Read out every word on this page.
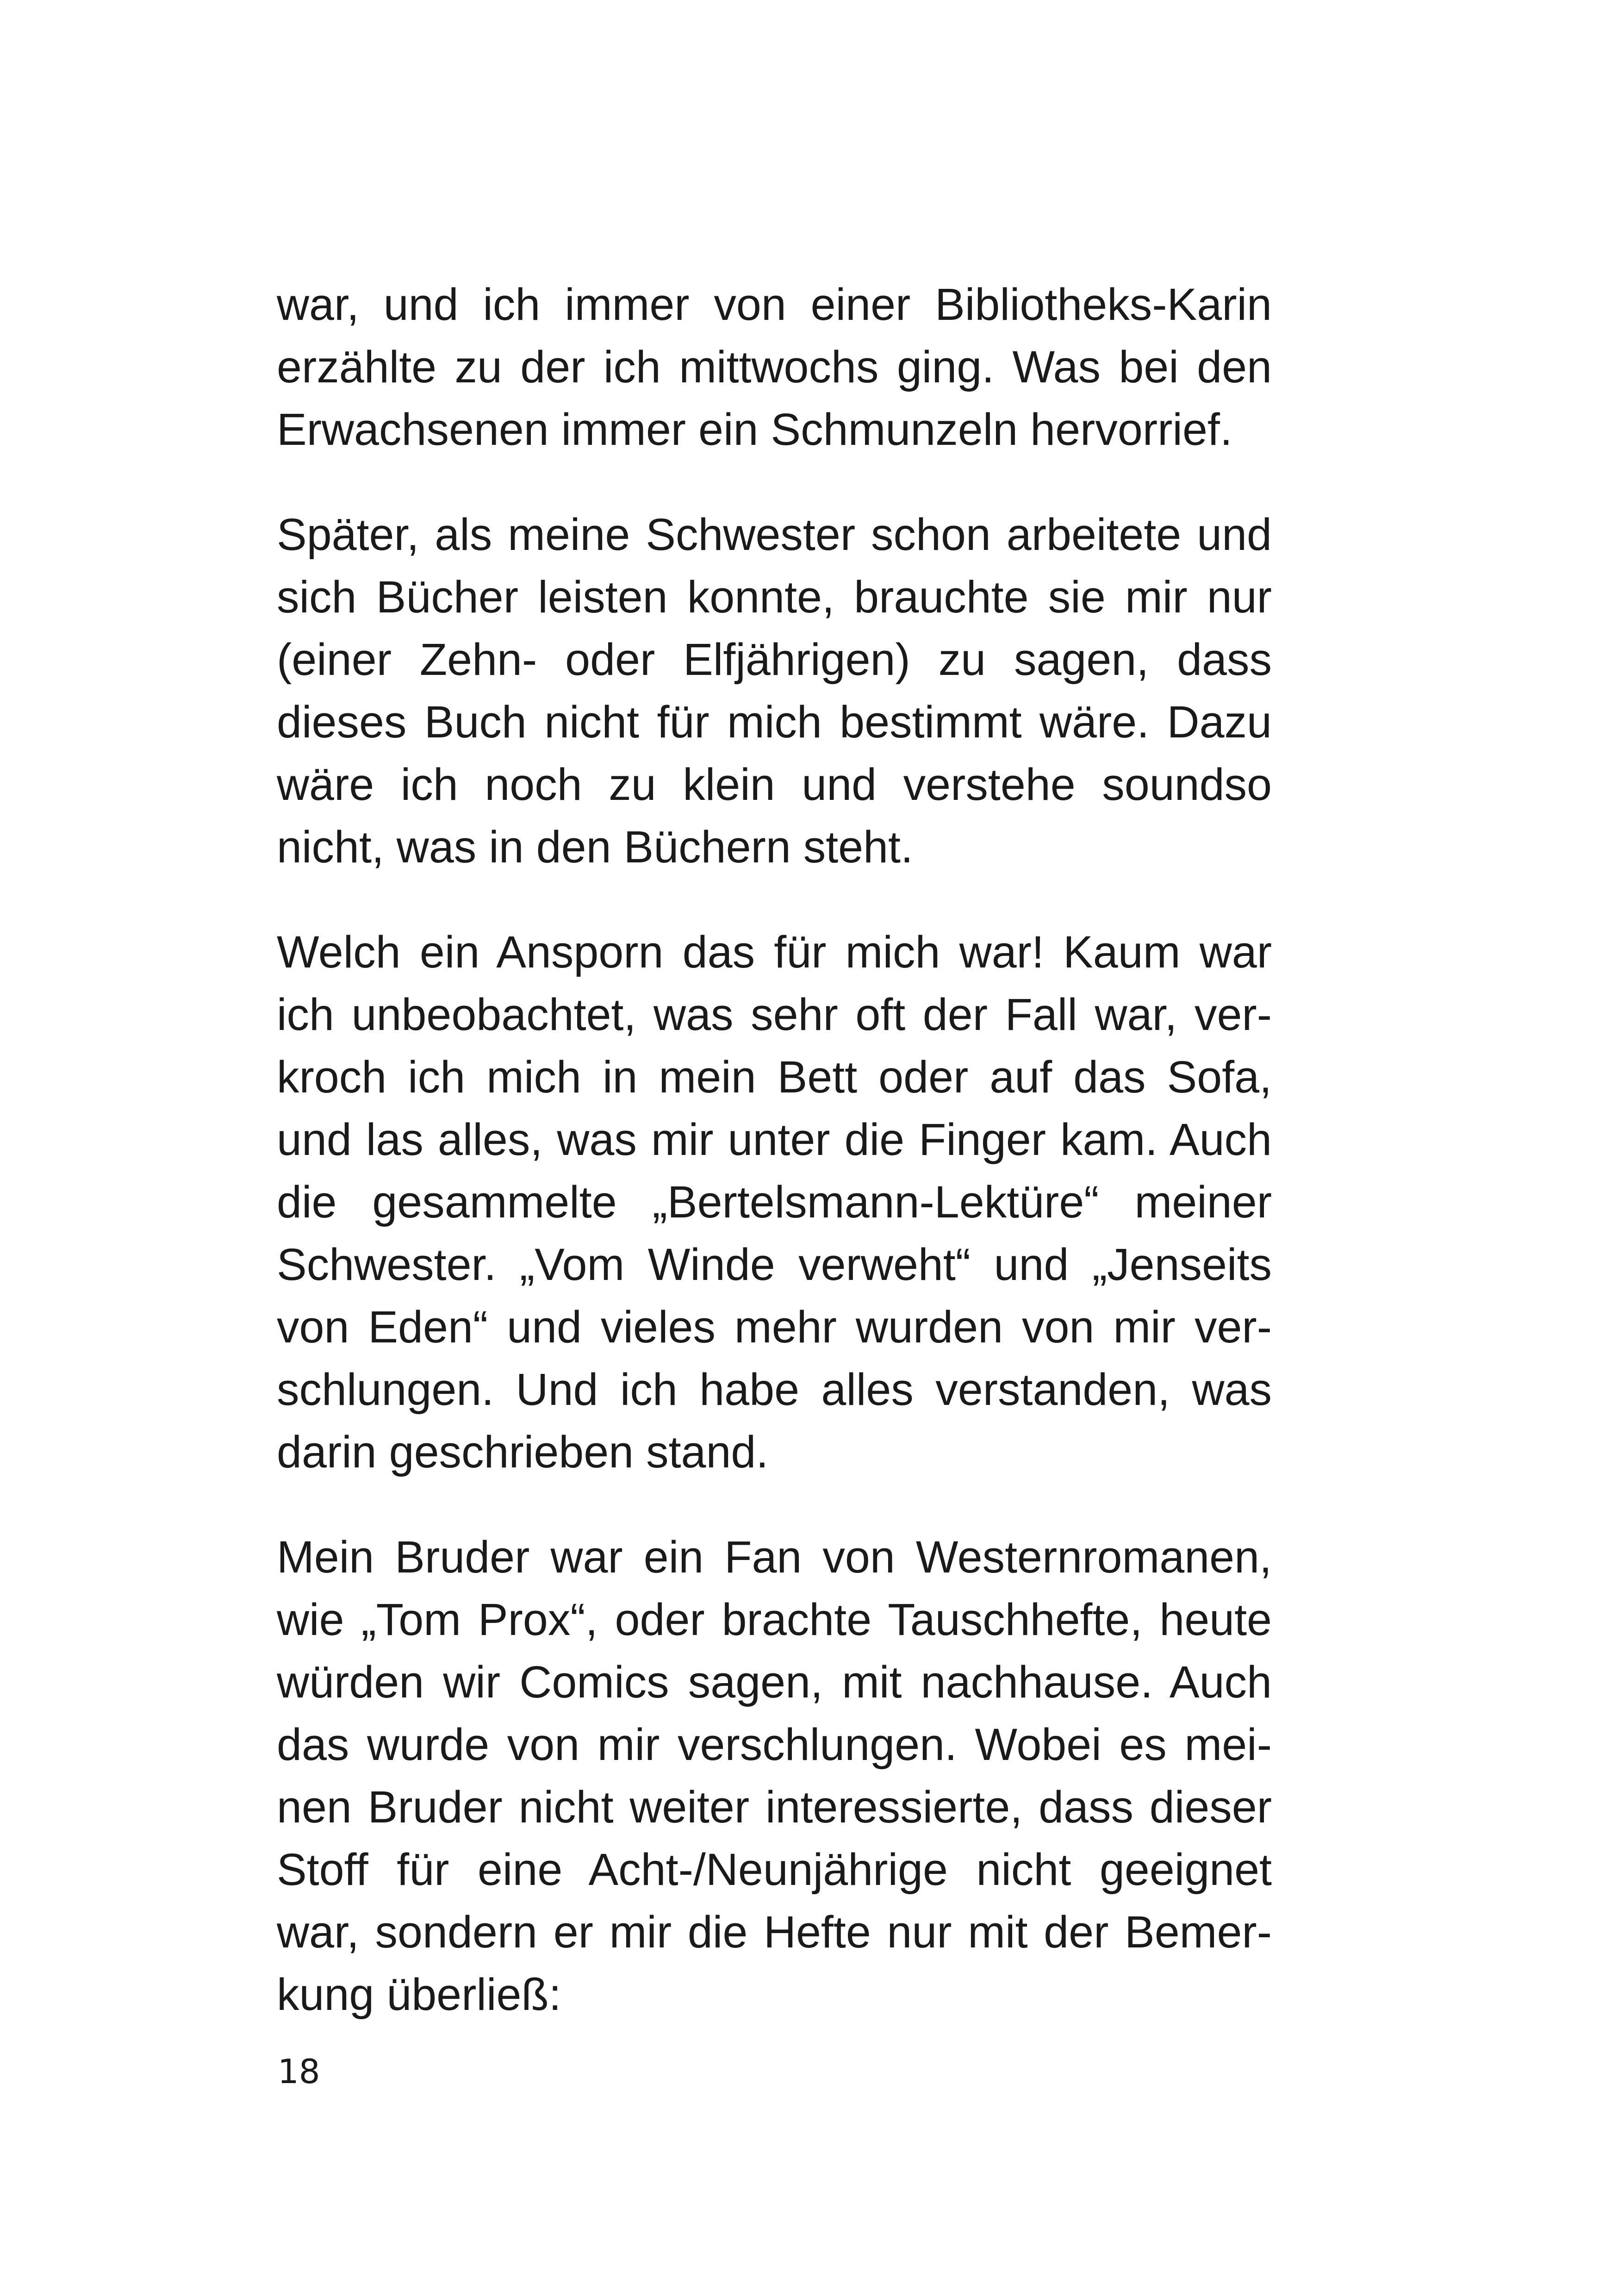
war, und ich immer von einer Bibliotheks-Karin
erzählte zu der ich mittwochs ging. Was bei den
Erwachsenen immer ein Schmunzeln hervorrief.

Später, als meine Schwester schon arbeitete und
sich Bücher leisten konnte, brauchte sie mir nur
(einer Zehn- oder Elfjährigen) zu sagen, dass
dieses Buch nicht für mich bestimmt wäre. Dazu
wäre ich noch zu klein und verstehe soundso
nicht, was in den Büchern steht.

Welch ein Ansporn das für mich war! Kaum war
ich unbeobachtet, was sehr oft der Fall war, ver-
kroch ich mich in mein Bett oder auf das Sofa,
und las alles, was mir unter die Finger kam. Auch
die gesammelte „Bertelsmann-Lektüre“ meiner
Schwester. „Vom Winde verweht“ und „Jenseits
von Eden“ und vieles mehr wurden von mir ver-
schlungen. Und ich habe alles verstanden, was
darin geschrieben stand.

Mein Bruder war ein Fan von Westernromanen,
wie „Tom Prox“, oder brachte Tauschhefte, heute
würden wir Comics sagen, mit nachhause. Auch
das wurde von mir verschlungen. Wobei es mei-
nen Bruder nicht weiter interessierte, dass dieser
Stoff für eine Acht-/Neunjährige nicht geeignet
war, sondern er mir die Hefte nur mit der Bemer-
kung überließ:

18
